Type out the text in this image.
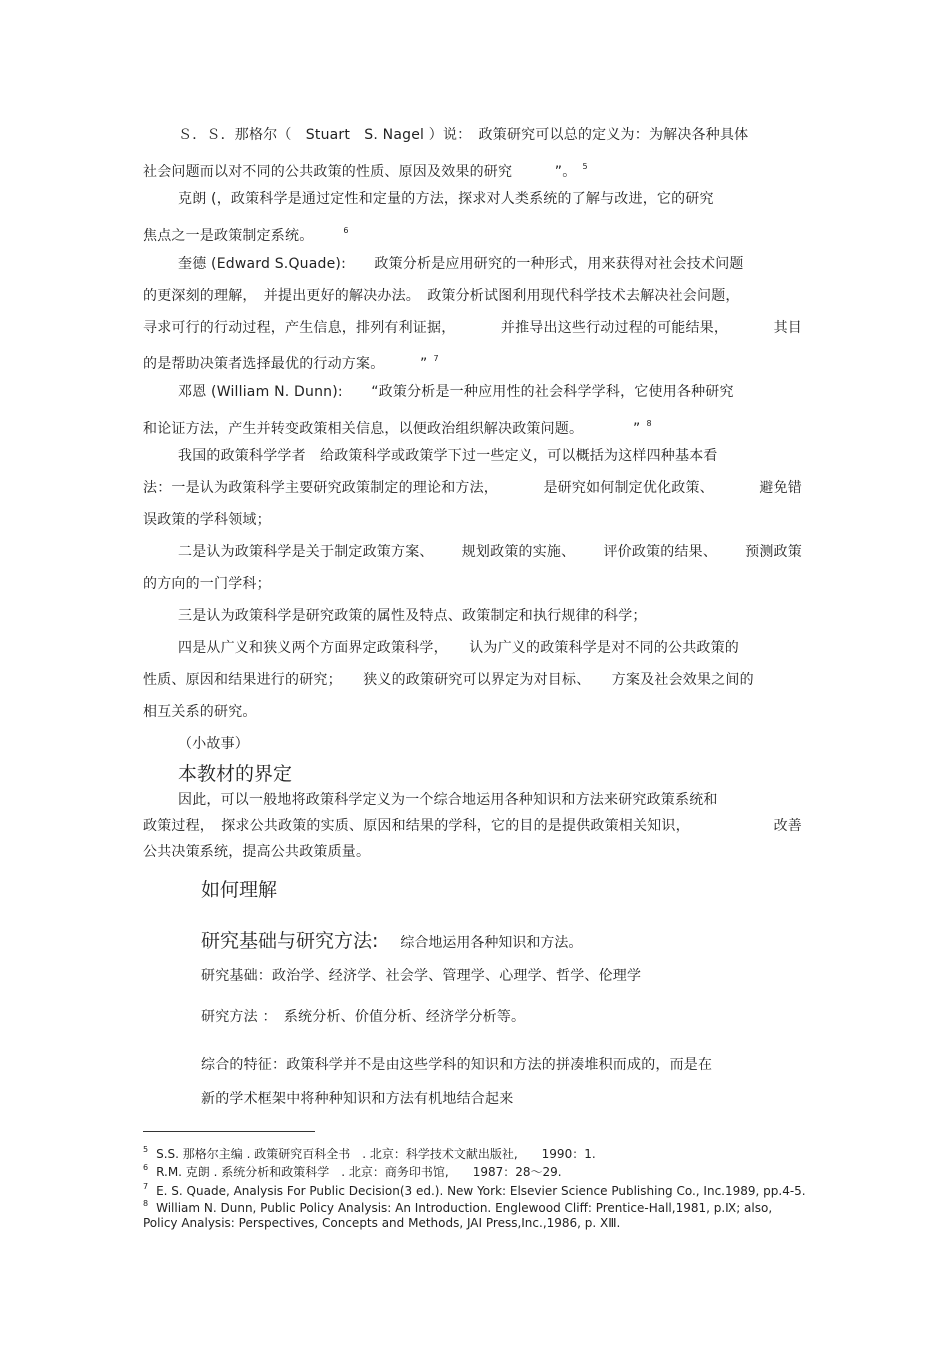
Ｓ．Ｓ．那格尔（　Stuart　S. Nagel ）说：　政策研究可以总的定义为：为解决各种具体
社会问题而以对不同的公共政策的性质、原因及效果的研究　　　”。 $^5$
克朗 (，政策科学是通过定性和定量的方法，探求对人类系统的了解与改进，它的研究
焦点之一是政策制定系统。	$^6$
奎德 (Edward S.Quade):　　政策分析是应用研究的一种形式，用来获得对社会技术问题
的更深刻的理解，　并提出更好的解决办法。　政策分析试图利用现代科学技术去解决社会问题，
寻求可行的行动过程，产生信息，排列有利证据，	并推导出这些行动过程的可能结果，	其目
的是帮助决策者选择最优的行动方案。　　　” $^7$
邓恩 (William N. Dunn):　　“政策分析是一种应用性的社会科学学科，它使用各种研究
和论证方法，产生并转变政策相关信息，以便政治组织解决政策问题。　　　　” $^8$
我国的政策科学学者　给政策科学或政策学下过一些定义，可以概括为这样四种基本看
法：一是认为政策科学主要研究政策制定的理论和方法，	是研究如何制定优化政策、	避免错
误政策的学科领域；
二是认为政策科学是关于制定政策方案、 规划政策的实施、 评价政策的结果、 预测政策
的方向的一门学科；
三是认为政策科学是研究政策的属性及特点、政策制定和执行规律的科学；
四是从广义和狭义两个方面界定政策科学，　　认为广义的政策科学是对不同的公共政策的
性质、原因和结果进行的研究；　　狭义的政策研究可以界定为对目标、　　方案及社会效果之间的
相互关系的研究。
（小故事）
本教材的界定
因此，可以一般地将政策科学定义为一个综合地运用各种知识和方法来研究政策系统和
政策过程，　探求公共政策的实质、原因和结果的学科，它的目的是提供政策相关知识，	改善
公共决策系统，提高公共政策质量。
如何理解
研究基础与研究方法: 综合地运用各种知识和方法。
研究基础：政治学、经济学、社会学、管理学、心理学、哲学、伦理学
研究方法 ：　系统分析、价值分析、经济学分析等。
综合的特征：政策科学并不是由这些学科的知识和方法的拼凑堆积而成的，而是在
新的学术框架中将种种知识和方法有机地结合起来
$^5$ S.S. 那格尔主编 . 政策研究百科全书　. 北京：科学技术文献出版社,　　1990：1.
$^6$ R.M. 克朗 . 系统分析和政策科学　. 北京：商务印书馆,　　1987：28～29.
$^7$ E. S. Quade, Analysis For Public Decision(3 ed.). New York: Elsevier Science Publishing Co., Inc.1989, pp.4-5.
$^8$ William N. Dunn, Public Policy Analysis: An Introduction. Englewood Cliff: Prentice-Hall,1981, p.Ⅸ; also,
Policy Analysis: Perspectives, Concepts and Methods, JAI Press,Inc.,1986, p. ⅩⅢ.
